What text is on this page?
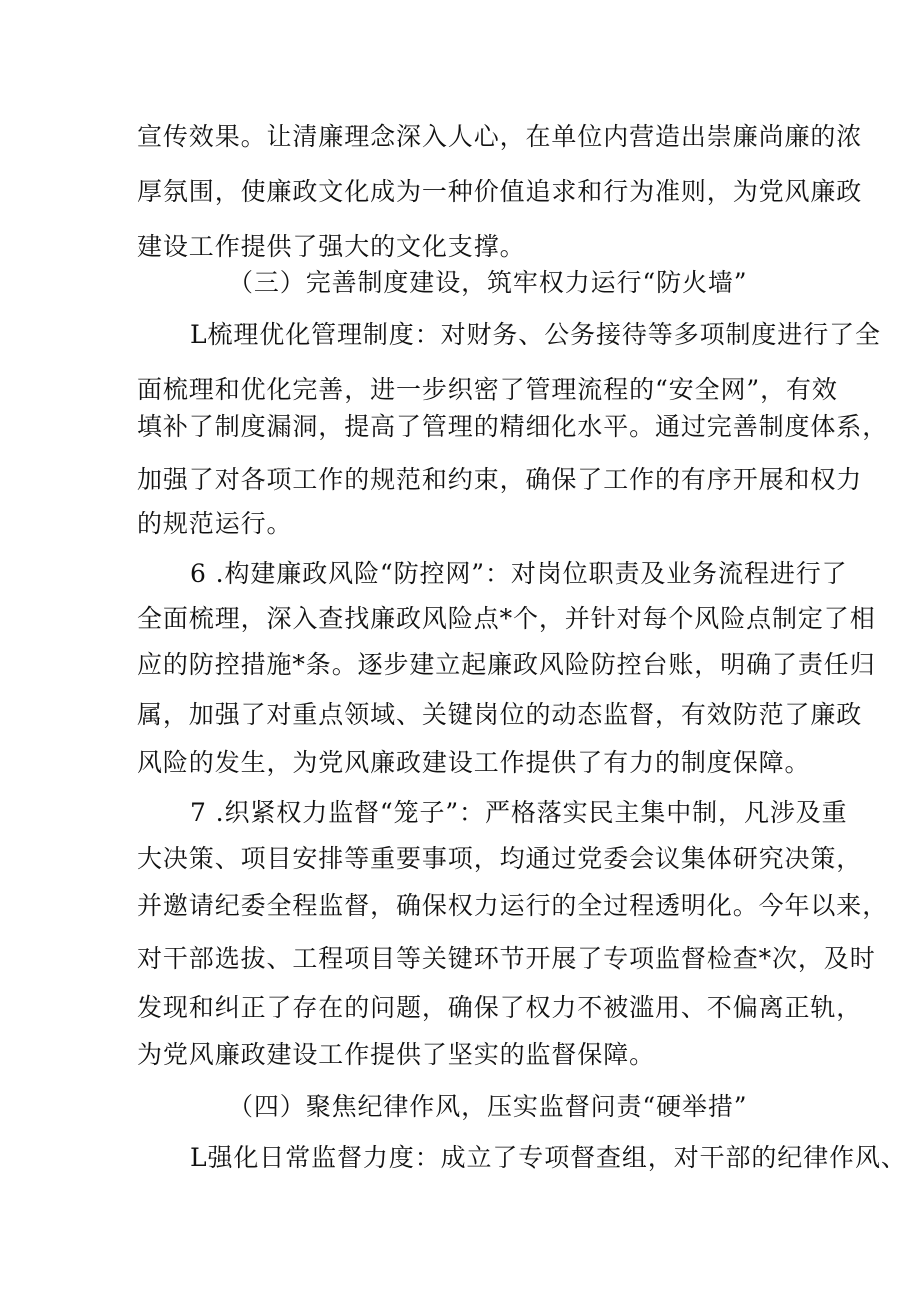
宣传效果。让清廉理念深入人心，在单位内营造出崇廉尚廉的浓
厚氛围，使廉政文化成为一种价值追求和行为准则，为党风廉政
建设工作提供了强大的文化支撑。
（三）完善制度建设，筑牢权力运行“防火墙”
L梳理优化管理制度：对财务、公务接待等多项制度进行了全
面梳理和优化完善，进一步织密了管理流程的“安全网”，有效
填补了制度漏洞，提高了管理的精细化水平。通过完善制度体系，
加强了对各项工作的规范和约束，确保了工作的有序开展和权力
的规范运行。
6 .构建廉政风险“防控网”：对岗位职责及业务流程进行了
全面梳理，深入查找廉政风险点*个，并针对每个风险点制定了相
应的防控措施*条。逐步建立起廉政风险防控台账，明确了责任归
属，加强了对重点领域、关键岗位的动态监督，有效防范了廉政
风险的发生，为党风廉政建设工作提供了有力的制度保障。
7 .织紧权力监督“笼子”：严格落实民主集中制，凡涉及重
大决策、项目安排等重要事项，均通过党委会议集体研究决策，
并邀请纪委全程监督，确保权力运行的全过程透明化。今年以来，
对干部选拔、工程项目等关键环节开展了专项监督检查*次，及时
发现和纠正了存在的问题，确保了权力不被滥用、不偏离正轨，
为党风廉政建设工作提供了坚实的监督保障。
（四）聚焦纪律作风，压实监督问责“硬举措”
L强化日常监督力度：成立了专项督查组，对干部的纪律作风、
